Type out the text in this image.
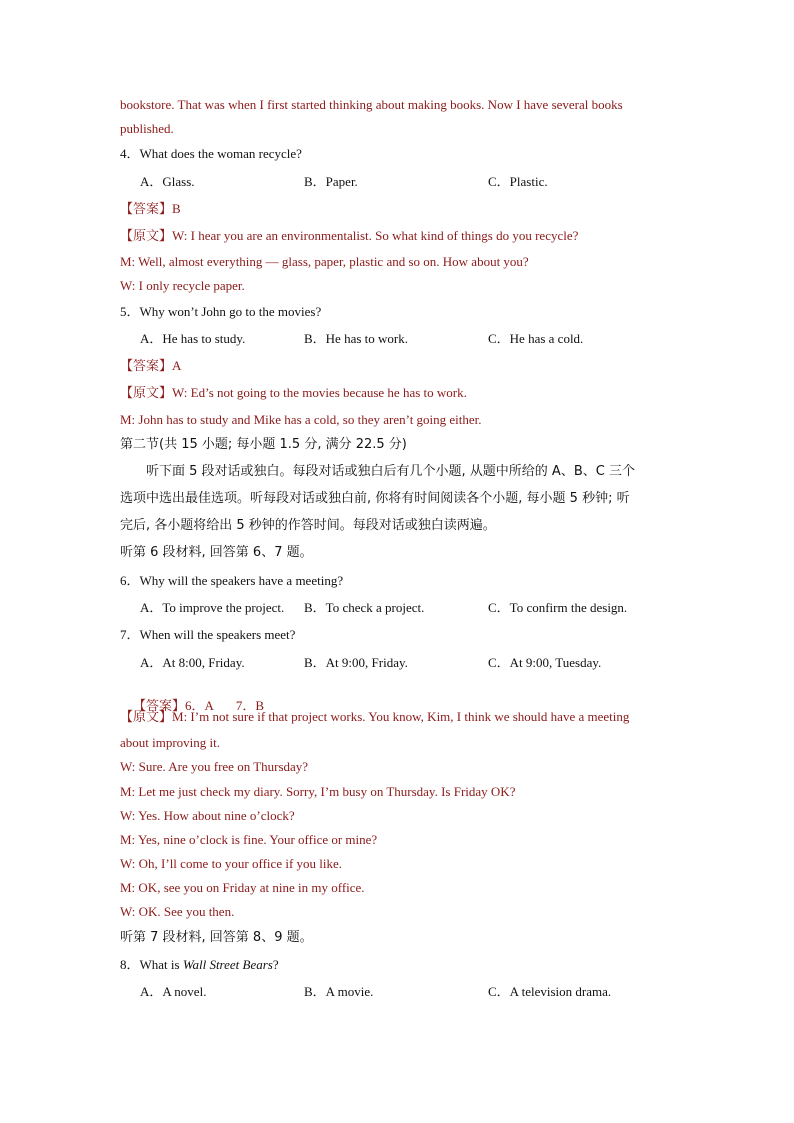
bookstore. That was when I first started thinking about making books. Now I have several books
published.
4．What does the woman recycle?
A．Glass.	B．Paper.	C．Plastic.
【答案】B
【原文】W: I hear you are an environmentalist. So what kind of things do you recycle?
M: Well, almost everything — glass, paper, plastic and so on. How about you?
W: I only recycle paper.
5．Why won’t John go to the movies?
A．He has to study.	B．He has to work.	C．He has a cold.
【答案】A
【原文】W: Ed’s not going to the movies because he has to work.
M: John has to study and Mike has a cold, so they aren’t going either.
第二节(共 15 小题; 每小题 1.5 分, 满分 22.5 分)
听下面 5 段对话或独白。每段对话或独白后有几个小题, 从题中所给的 A、B、C 三个
选项中选出最佳选项。听每段对话或独白前, 你将有时间阅读各个小题, 每小题 5 秒钟; 听
完后, 各小题将给出 5 秒钟的作答时间。每段对话或独白读两遍。
听第 6 段材料, 回答第 6、7 题。
6．Why will the speakers have a meeting?
A．To improve the project. B．To check a project.	C．To confirm the design.
7．When will the speakers meet?
A．At 8:00, Friday.	B．At 9:00, Friday.	C．At 9:00, Tuesday.

【答案】6．A       7．B

【原文】M: I’m not sure if that project works. You know, Kim, I think we should have a meeting
about improving it.
W: Sure. Are you free on Thursday?
M: Let me just check my diary. Sorry, I’m busy on Thursday. Is Friday OK?
W: Yes. How about nine o’clock?
M: Yes, nine o’clock is fine. Your office or mine?
W: Oh, I’ll come to your office if you like.
M: OK, see you on Friday at nine in my office.
W: OK. See you then.
听第 7 段材料, 回答第 8、9 题。
8．What is Wall Street Bears?
A．A novel.	B．A movie.	C．A television drama.
